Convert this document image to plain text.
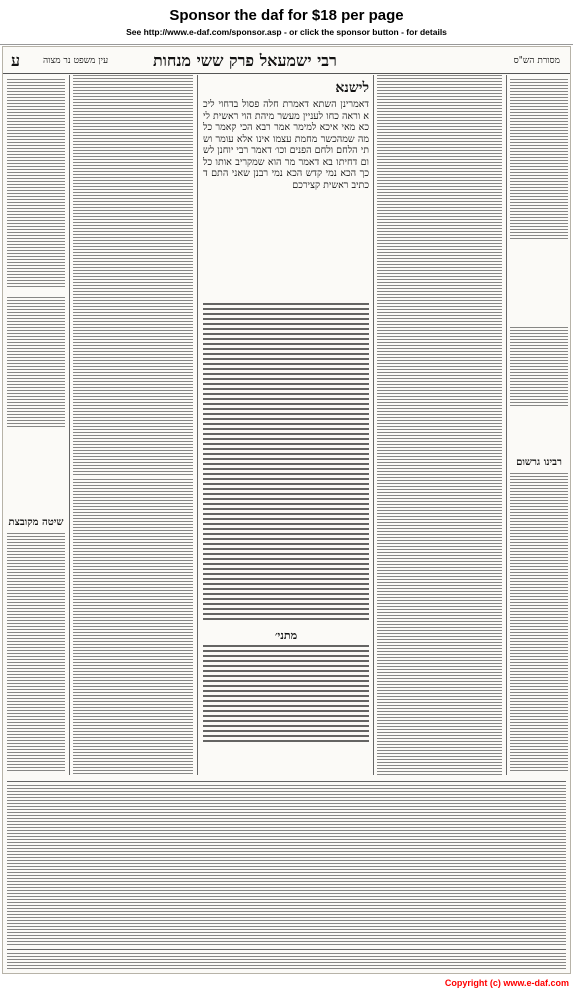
Sponsor the daf for $18 per page
See http://www.e-daf.com/sponsor.asp - or click the sponsor button - for details
ע	רבי ישמעאל פרק ששי מנחות	מסורת הש"ס
עין משפט נר מצוה
שיטה מקובצת
לישנא
דאמרינן השתא דאמרת חלה פסול בדחוי ליכא וראה כחו לעניין מעשר מיהת הוי ראשית ליכא מאי איכא למימר אמר רבא הכי קאמר כל מה שמהכשר מחמת עצמו אינו אלא עומר ושתי הלחם ולחם הפנים וכו׳ דאמר רבי יוחנן לשום דחיתו בא דאמר מר הוא שמקריב אותו כל כך הכא נמי קדש הכא נמי רבנן שאני התם דכתיב ראשית קצירכם
מתני׳
רבינו גרשום
Copyright (c) www.e-daf.com
